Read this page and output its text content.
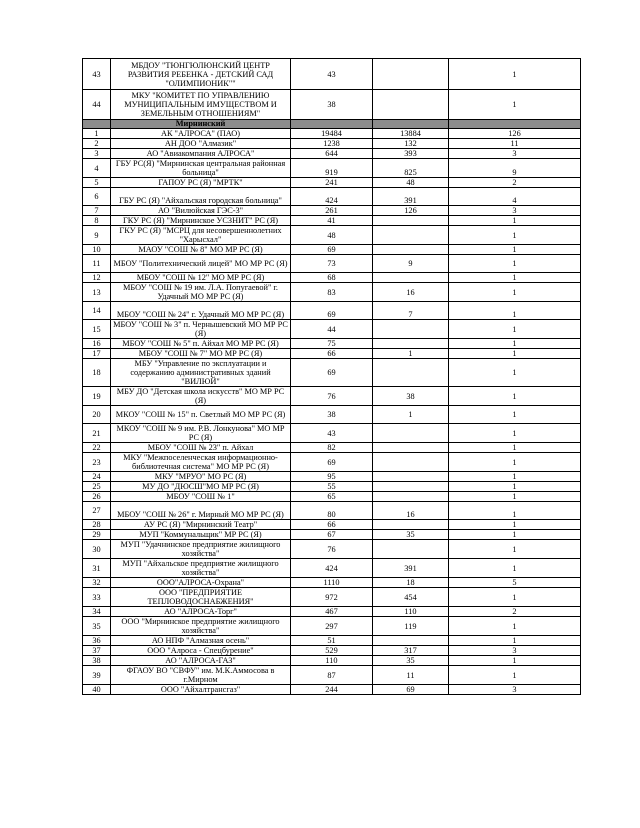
43	МБДОУ "ТЮНГЮЛЮНСКИЙ ЦЕНТР РАЗВИТИЯ РЕБЕНКА - ДЕТСКИЙ САД "ОЛИМПИОНИК""	43		1
44	МКУ "КОМИТЕТ ПО УПРАВЛЕНИЮ МУНИЦИПАЛЬНЫМ ИМУЩЕСТВОМ И ЗЕМЕЛЬНЫМ ОТНОШЕНИЯМ"	38		1
	Мирнинский			
1	АК "АЛРОСА" (ПАО)	19484	13884	126
2	АН ДОО "Алмазик"	1238	132	11
3	АО "Авиакомпания АЛРОСА"	644	393	3
4	ГБУ РС(Я) "Мирнинская центральная районная больница"	919	825	9
5	ГАПОУ РС (Я) "МРТК"	241	48	2
6	ГБУ РС (Я) "Айхальская городская больница"	424	391	4
7	АО "Вилюйская ГЭС-3"	261	126	3
8	ГКУ РС (Я) "Мирнинское УСЗНИТ" РС (Я)	41		1
9	ГКУ РС (Я) "МСРЦ для несовершеннолетних "Харысхал"	48		1
10	МАОУ "СОШ № 8" МО МР РС (Я)	69		1
11	МБОУ "Политехнический лицей" МО МР РС (Я)	73	9	1
12	МБОУ "СОШ № 12" МО МР РС (Я)	68		1
13	МБОУ "СОШ № 19 им. Л.А. Попугаевой" г. Удачный МО МР РС (Я)	83	16	1
14	МБОУ "СОШ № 24" г. Удачный МО МР РС (Я)	69	7	1
15	МБОУ "СОШ № 3" п. Чернышевский МО МР РС (Я)	44		1
16	МБОУ "СОШ № 5" п. Айхал МО МР РС (Я)	75		1
17	МБОУ "СОШ № 7" МО МР РС (Я)	66	1	1
18	МБУ "Управление по эксплуатации и содержанию административных зданий "ВИЛЮЙ"	69		1
19	МБУ ДО "Детская школа искусств" МО МР РС (Я)	76	38	1
20	МКОУ "СОШ № 15" п. Светлый МО МР РС (Я)	38	1	1
21	МКОУ "СОШ № 9 им. Р.В. Лонкунова" МО МР РС (Я)	43		1
22	МБОУ "СОШ № 23" п. Айхал	82		1
23	МКУ "Межпоселенческая информационно-библиотечная система" МО МР РС (Я)	69		1
24	МКУ "МРУО" МО РС (Я)	95		1
25	МУ ДО "ДЮСШ"МО МР РС (Я)	55		1
26	МБОУ "СОШ № 1"	65		1
27	МБОУ "СОШ № 26" г. Мирный МО МР РС (Я)	80	16	1
28	АУ РС (Я) "Мирнинский Театр"	66		1
29	МУП "Коммунальщик" МР РС (Я)	67	35	1
30	МУП "Удачнинское предприятие жилищного хозяйства"	76		1
31	МУП "Айхальское предприятие жилищного хозяйства"	424	391	1
32	ООО"АЛРОСА-Охрана"	1110	18	5
33	ООО "ПРЕДПРИЯТИЕ ТЕПЛОВОДОСНАБЖЕНИЯ"	972	454	1
34	АО "АЛРОСА-Торг"	467	110	2
35	ООО "Мирнинское предприятие жилищного хозяйства"	297	119	1
36	АО НПФ "Алмазная осень"	51		1
37	ООО "Алроса - Спецбурение"	529	317	3
38	АО "АЛРОСА-ГАЗ"	110	35	1
39	ФГАОУ ВО "СВФУ" им. М.К.Аммосова в г.Мирном	87	11	1
40	ООО "Айхалтрансгаз"	244	69	3
